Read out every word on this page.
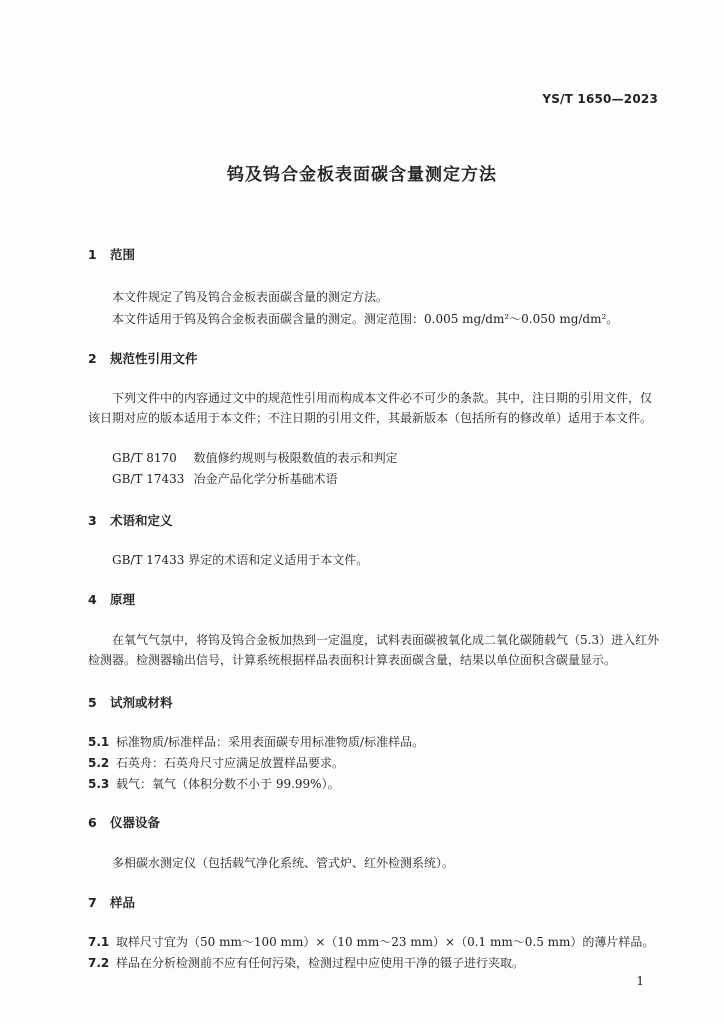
YS/T 1650—2023
钨及钨合金板表面碳含量测定方法
1 范围
本文件规定了钨及钨合金板表面碳含量的测定方法。
本文件适用于钨及钨合金板表面碳含量的测定。测定范围：0.005 mg/dm²～0.050 mg/dm²。
2 规范性引用文件
下列文件中的内容通过文中的规范性引用而构成本文件必不可少的条款。其中，注日期的引用文件，仅该日期对应的版本适用于本文件；不注日期的引用文件，其最新版本（包括所有的修改单）适用于本文件。
GB/T 8170 数值修约规则与极限数值的表示和判定
GB/T 17433 冶金产品化学分析基础术语
3 术语和定义
GB/T 17433 界定的术语和定义适用于本文件。
4 原理
在氧气气氛中，将钨及钨合金板加热到一定温度，试料表面碳被氧化成二氧化碳随载气（5.3）进入红外检测器。检测器输出信号，计算系统根据样品表面积计算表面碳含量，结果以单位面积含碳量显示。
5 试剂或材料
5.1 标准物质/标准样品：采用表面碳专用标准物质/标准样品。
5.2 石英舟：石英舟尺寸应满足放置样品要求。
5.3 载气：氧气（体积分数不小于 99.99%）。
6 仪器设备
多相碳水测定仪（包括载气净化系统、管式炉、红外检测系统）。
7 样品
7.1 取样尺寸宜为（50 mm～100 mm）×（10 mm～23 mm）×（0.1 mm～0.5 mm）的薄片样品。
7.2 样品在分析检测前不应有任何污染，检测过程中应使用干净的镊子进行夹取。
1
